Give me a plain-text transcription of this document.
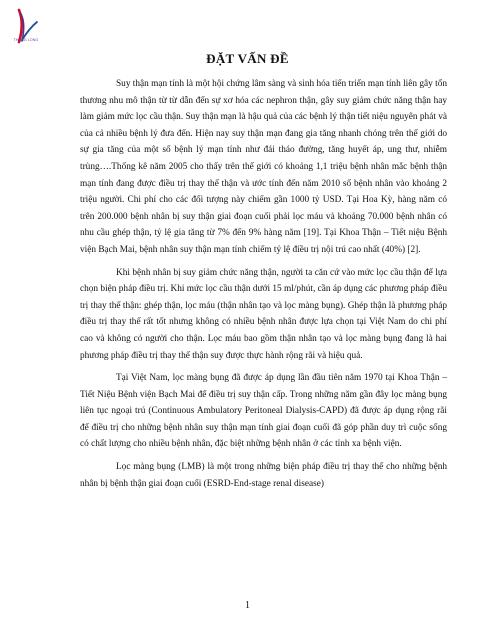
THANG LONG
ĐẶT VẤN ĐỀ

Suy thận mạn tính là một hội chứng lâm sàng và sinh hóa tiến triển mạn tính liên gây tổn thương nhu mô thận từ từ dẫn đến sự xơ hóa các nephron thận, gây suy giảm chức năng thận hay làm giảm mức lọc cầu thận. Suy thận mạn là hậu quả của các bệnh lý thận tiết niệu nguyên phát và của cả nhiều bệnh lý đưa đến. Hiện nay suy thận mạn đang gia tăng nhanh chóng trên thế giới do sự gia tăng của một số bệnh lý mạn tính như đái tháo đường, tăng huyết áp, ung thư, nhiễm trùng….Thống kê năm 2005 cho thấy trên thế giới có khoảng 1,1 triệu bệnh nhân mắc bệnh thận mạn tính đang được điều trị thay thế thận và ước tính đến năm 2010 số bệnh nhân vào khoảng 2 triệu người. Chi phí cho các đối tượng này chiếm gần 1000 tỷ USD. Tại Hoa Kỳ, hàng năm có trên 200.000 bệnh nhân bị suy thận giai đoạn cuối phải lọc máu và khoảng 70.000 bệnh nhân có nhu cầu ghép thận, tỷ lệ gia tăng từ 7% đến 9% hàng năm [19]. Tại Khoa Thận – Tiết niệu Bệnh viện Bạch Mai, bệnh nhân suy thận mạn tính chiếm tỷ lệ điều trị nội trú cao nhất (40%) [2].

Khi bệnh nhân bị suy giảm chức năng thận, người ta căn cứ vào mức lọc cầu thận để lựa chọn biện pháp điều trị. Khi mức lọc cầu thận dưới 15 ml/phút, cần áp dụng các phương pháp điều trị thay thế thận: ghép thận, lọc máu (thận nhân tạo và lọc màng bụng). Ghép thận là phương pháp điều trị thay thế rất tốt nhưng không có nhiều bệnh nhân được lựa chọn tại Việt Nam do chi phí cao và không có người cho thận. Lọc máu bao gồm thận nhân tạo và lọc màng bụng đang là hai phương pháp điều trị thay thế thận suy được thực hành rộng rãi và hiệu quả.

Tại Việt Nam, lọc màng bụng đã được áp dụng lần đầu tiên năm 1970 tại Khoa Thận – Tiết Niệu Bệnh viện Bạch Mai để điều trị suy thận cấp. Trong những năm gần đây lọc màng bụng liên tục ngoại trú (Continuous Ambulatory Peritoneal Dialysis-CAPD) đã được áp dụng rộng rãi để điều trị cho những bệnh nhân suy thận mạn tính giai đoạn cuối đã góp phần duy trì cuộc sống có chất lượng cho nhiều bệnh nhân, đặc biệt những bệnh nhân ở các tỉnh xa bệnh viện.

Lọc màng bụng (LMB) là một trong những biện pháp điều trị thay thế cho những bệnh nhân bị bệnh thận giai đoạn cuối (ESRD-End-stage renal disease)

1
